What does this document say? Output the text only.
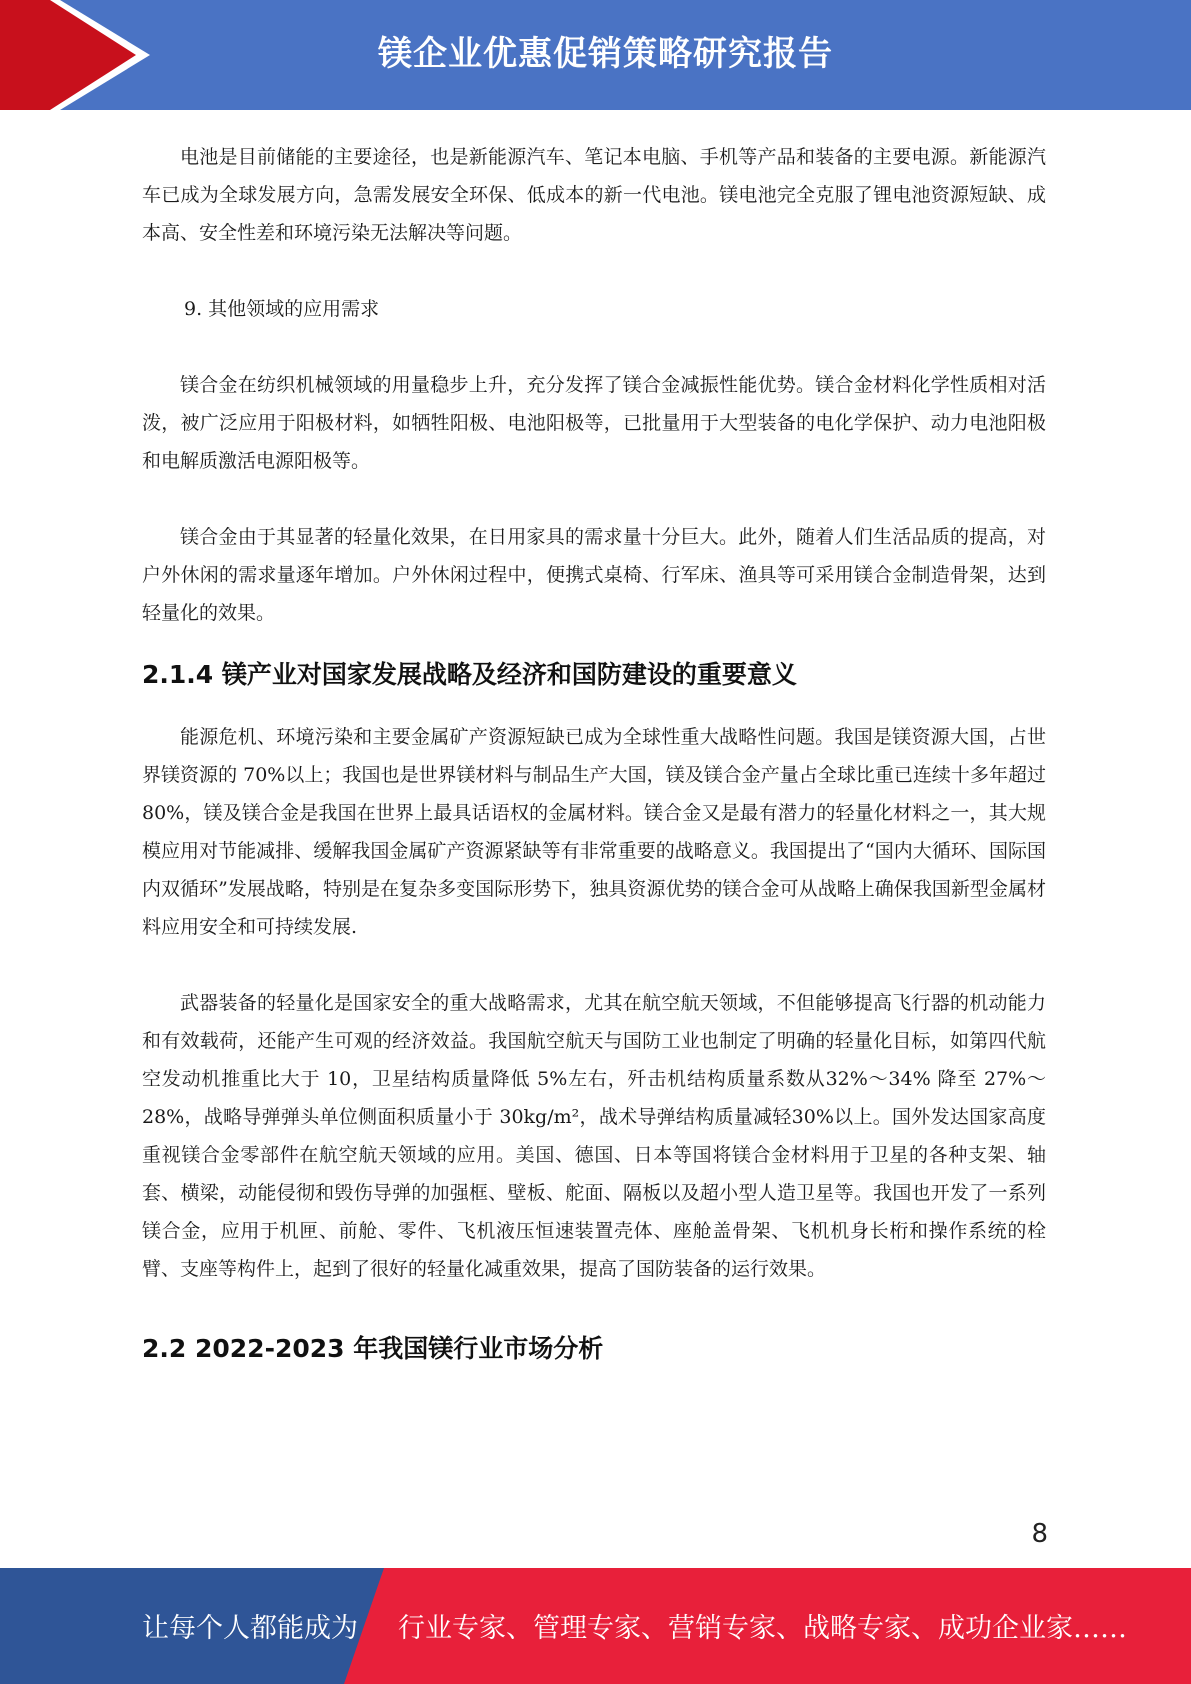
镁企业优惠促销策略研究报告

电池是目前储能的主要途径，也是新能源汽车、笔记本电脑、手机等产品和装备的主要电源。新能源汽车已成为全球发展方向，急需发展安全环保、低成本的新一代电池。镁电池完全克服了锂电池资源短缺、成本高、安全性差和环境污染无法解决等问题。

9. 其他领域的应用需求

镁合金在纺织机械领域的用量稳步上升，充分发挥了镁合金减振性能优势。镁合金材料化学性质相对活泼，被广泛应用于阳极材料，如牺牲阳极、电池阳极等，已批量用于大型装备的电化学保护、动力电池阳极和电解质激活电源阳极等。

镁合金由于其显著的轻量化效果，在日用家具的需求量十分巨大。此外，随着人们生活品质的提高，对户外休闲的需求量逐年增加。户外休闲过程中，便携式桌椅、行军床、渔具等可采用镁合金制造骨架，达到轻量化的效果。

2.1.4 镁产业对国家发展战略及经济和国防建设的重要意义

能源危机、环境污染和主要金属矿产资源短缺已成为全球性重大战略性问题。我国是镁资源大国，占世界镁资源的 70%以上；我国也是世界镁材料与制品生产大国，镁及镁合金产量占全球比重已连续十多年超过 80%，镁及镁合金是我国在世界上最具话语权的金属材料。镁合金又是最有潜力的轻量化材料之一，其大规模应用对节能减排、缓解我国金属矿产资源紧缺等有非常重要的战略意义。我国提出了“国内大循环、国际国内双循环”发展战略，特别是在复杂多变国际形势下，独具资源优势的镁合金可从战略上确保我国新型金属材料应用安全和可持续发展.

武器装备的轻量化是国家安全的重大战略需求，尤其在航空航天领域，不但能够提高飞行器的机动能力和有效载荷，还能产生可观的经济效益。我国航空航天与国防工业也制定了明确的轻量化目标，如第四代航空发动机推重比大于 10，卫星结构质量降低 5%左右，歼击机结构质量系数从32%～34% 降至 27%～28%，战略导弹弹头单位侧面积质量小于 30kg/m²，战术导弹结构质量减轻30%以上。国外发达国家高度重视镁合金零部件在航空航天领域的应用。美国、德国、日本等国将镁合金材料用于卫星的各种支架、轴套、横梁，动能侵彻和毁伤导弹的加强框、壁板、舵面、隔板以及超小型人造卫星等。我国也开发了一系列镁合金，应用于机匣、前舱、零件、飞机液压恒速装置壳体、座舱盖骨架、飞机机身长桁和操作系统的栓臂、支座等构件上，起到了很好的轻量化减重效果，提高了国防装备的运行效果。

2.2 2022-2023 年我国镁行业市场分析
8
让每个人都能成为 行业专家、管理专家、营销专家、战略专家、成功企业家……
